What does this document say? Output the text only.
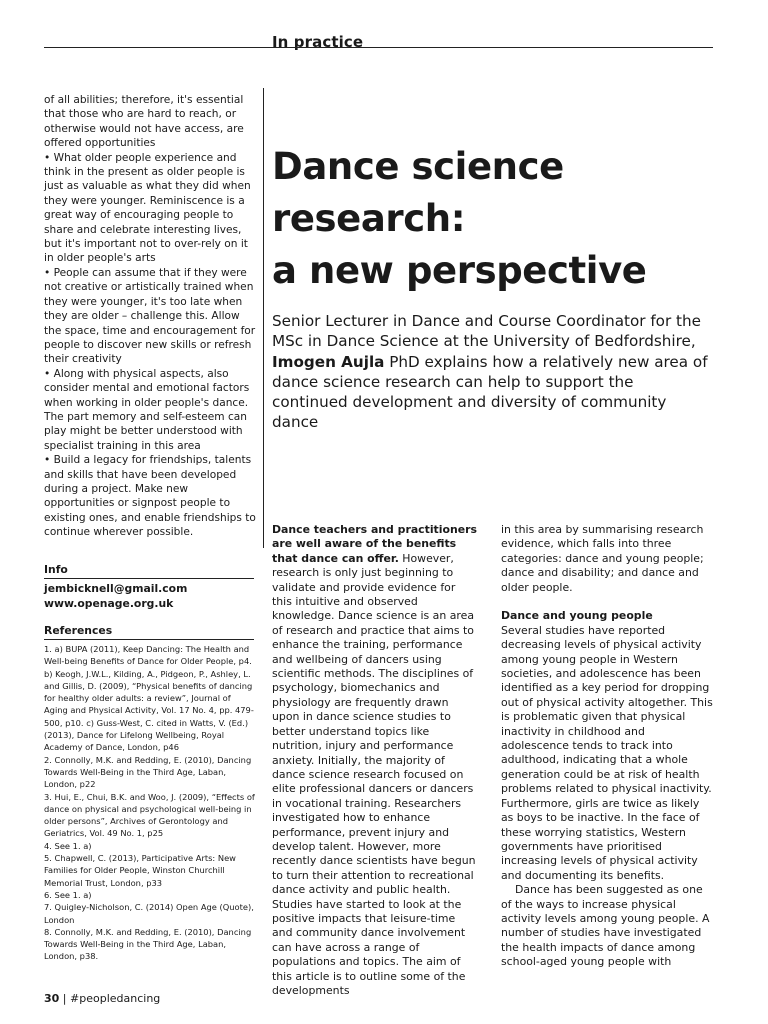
In practice

of all abilities; therefore, it's essential that those who are hard to reach, or otherwise would not have access, are offered opportunities

• What older people experience and think in the present as older people is just as valuable as what they did when they were younger. Reminiscence is a great way of encouraging people to share and celebrate interesting lives, but it's important not to over-rely on it in older people's arts

• People can assume that if they were not creative or artistically trained when they were younger, it's too late when they are older – challenge this. Allow the space, time and encouragement for people to discover new skills or refresh their creativity

• Along with physical aspects, also consider mental and emotional factors when working in older people's dance. The part memory and self-esteem can play might be better understood with specialist training in this area

• Build a legacy for friendships, talents and skills that have been developed during a project. Make new opportunities or signpost people to existing ones, and enable friendships to continue wherever possible.

Dance science
research:
a new perspective
Senior Lecturer in Dance and Course Coordinator for the MSc in Dance Science at the University of Bedfordshire, Imogen Aujla PhD explains how a relatively new area of dance science research can help to support the continued development and diversity of community dance
Info
jembicknell@gmail.com
www.openage.org.uk
References
1. a) BUPA (2011), Keep Dancing: The Health and Well-being Benefits of Dance for Older People, p4. b) Keogh, J.W.L., Kilding, A., Pidgeon, P., Ashley, L. and Gillis, D. (2009), “Physical benefits of dancing for healthy older adults: a review”, Journal of Aging and Physical Activity, Vol. 17 No. 4, pp. 479-500, p10. c) Guss-West, C. cited in Watts, V. (Ed.) (2013), Dance for Lifelong Wellbeing, Royal Academy of Dance, London, p46
2. Connolly, M.K. and Redding, E. (2010), Dancing Towards Well-Being in the Third Age, Laban, London, p22
3. Hui, E., Chui, B.K. and Woo, J. (2009), “Effects of dance on physical and psychological well-being in older persons”, Archives of Gerontology and Geriatrics, Vol. 49 No. 1, p25
4. See 1. a)
5. Chapwell, C. (2013), Participative Arts: New Families for Older People, Winston Churchill Memorial Trust, London, p33
6. See 1. a)
7. Quigley-Nicholson, C. (2014) Open Age (Quote), London
8. Connolly, M.K. and Redding, E. (2010), Dancing Towards Well-Being in the Third Age, Laban, London, p38.

Dance teachers and practitioners are well aware of the benefits that dance can offer. However, research is only just beginning to validate and provide evidence for this intuitive and observed knowledge. Dance science is an area of research and practice that aims to enhance the training, performance and wellbeing of dancers using scientific methods. The disciplines of psychology, biomechanics and physiology are frequently drawn upon in dance science studies to better understand topics like nutrition, injury and performance anxiety. Initially, the majority of dance science research focused on elite professional dancers or dancers in vocational training. Researchers investigated how to enhance performance, prevent injury and develop talent. However, more recently dance scientists have begun to turn their attention to recreational dance activity and public health. Studies have started to look at the positive impacts that leisure-time and community dance involvement can have across a range of populations and topics. The aim of this article is to outline some of the developments

in this area by summarising research evidence, which falls into three categories: dance and young people; dance and disability; and dance and older people.

Dance and young people

Several studies have reported decreasing levels of physical activity among young people in Western societies, and adolescence has been identified as a key period for dropping out of physical activity altogether. This is problematic given that physical inactivity in childhood and adolescence tends to track into adulthood, indicating that a whole generation could be at risk of health problems related to physical inactivity. Furthermore, girls are twice as likely as boys to be inactive. In the face of these worrying statistics, Western governments have prioritised increasing levels of physical activity and documenting its benefits.

Dance has been suggested as one of the ways to increase physical activity levels among young people. A number of studies have investigated the health impacts of dance among school-aged young people with

30 | #peopledancing
